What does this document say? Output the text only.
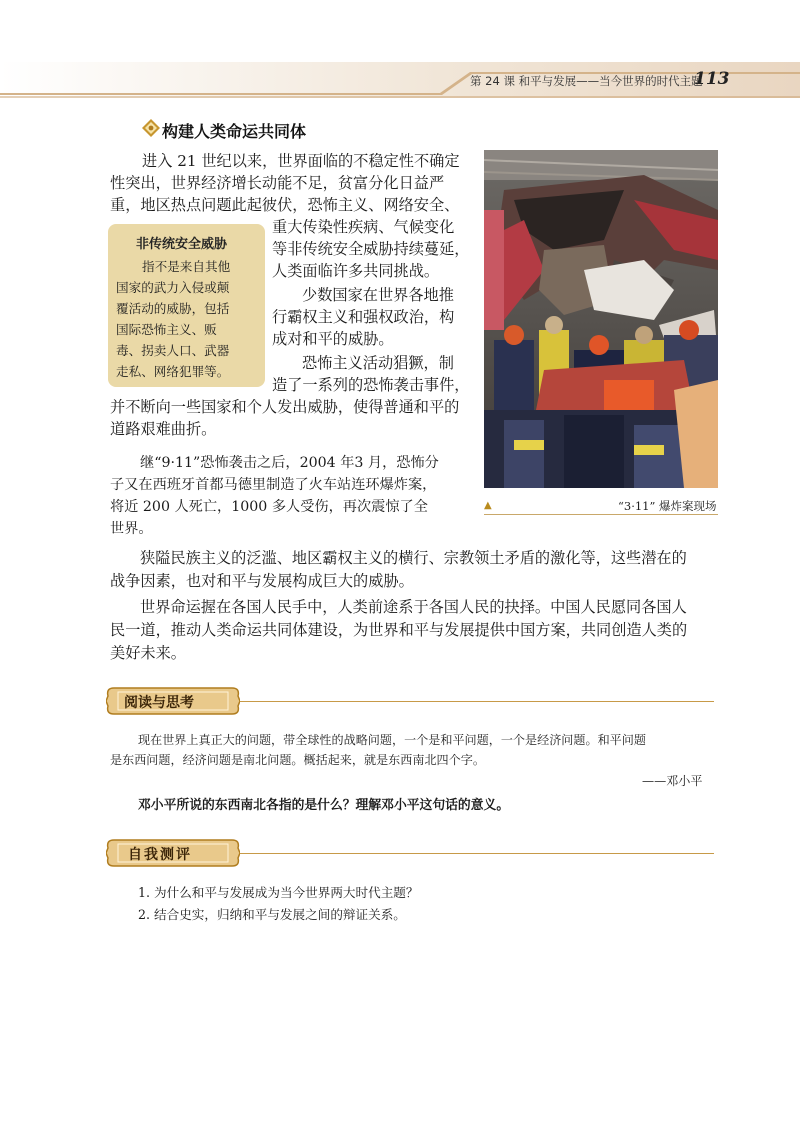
第 24 课 和平与发展——当今世界的时代主题
113
构建人类命运共同体
进入 21 世纪以来，世界面临的不稳定性不确定
性突出，世界经济增长动能不足，贫富分化日益严
重，地区热点问题此起彼伏，恐怖主义、网络安全、
重大传染性疾病、气候变化
等非传统安全威胁持续蔓延，
人类面临许多共同挑战。
少数国家在世界各地推
行霸权主义和强权政治，构
成对和平的威胁。
恐怖主义活动猖獗，制
造了一系列的恐怖袭击事件，
并不断向一些国家和个人发出威胁，使得普通和平的
道路艰难曲折。
非传统安全威胁
指不是来自其他
国家的武力入侵或颠
覆活动的威胁，包括
国际恐怖主义、贩
毒、拐卖人口、武器
走私、网络犯罪等。
▲	“3·11” 爆炸案现场
继“9·11”恐怖袭击之后，2004 年3 月，恐怖分
子又在西班牙首都马德里制造了火车站连环爆炸案，
将近 200 人死亡，1000 多人受伤，再次震惊了全
世界。
狭隘民族主义的泛滥、地区霸权主义的横行、宗教领土矛盾的激化等，这些潜在的
战争因素，也对和平与发展构成巨大的威胁。
世界命运握在各国人民手中，人类前途系于各国人民的抉择。中国人民愿同各国人
民一道，推动人类命运共同体建设，为世界和平与发展提供中国方案，共同创造人类的
美好未来。
阅读与思考
现在世界上真正大的问题，带全球性的战略问题，一个是和平问题，一个是经济问题。和平问题
是东西问题，经济问题是南北问题。概括起来，就是东西南北四个字。
——邓小平
邓小平所说的东西南北各指的是什么？理解邓小平这句话的意义。
自我测评
1. 为什么和平与发展成为当今世界两大时代主题？
2. 结合史实，归纳和平与发展之间的辩证关系。
